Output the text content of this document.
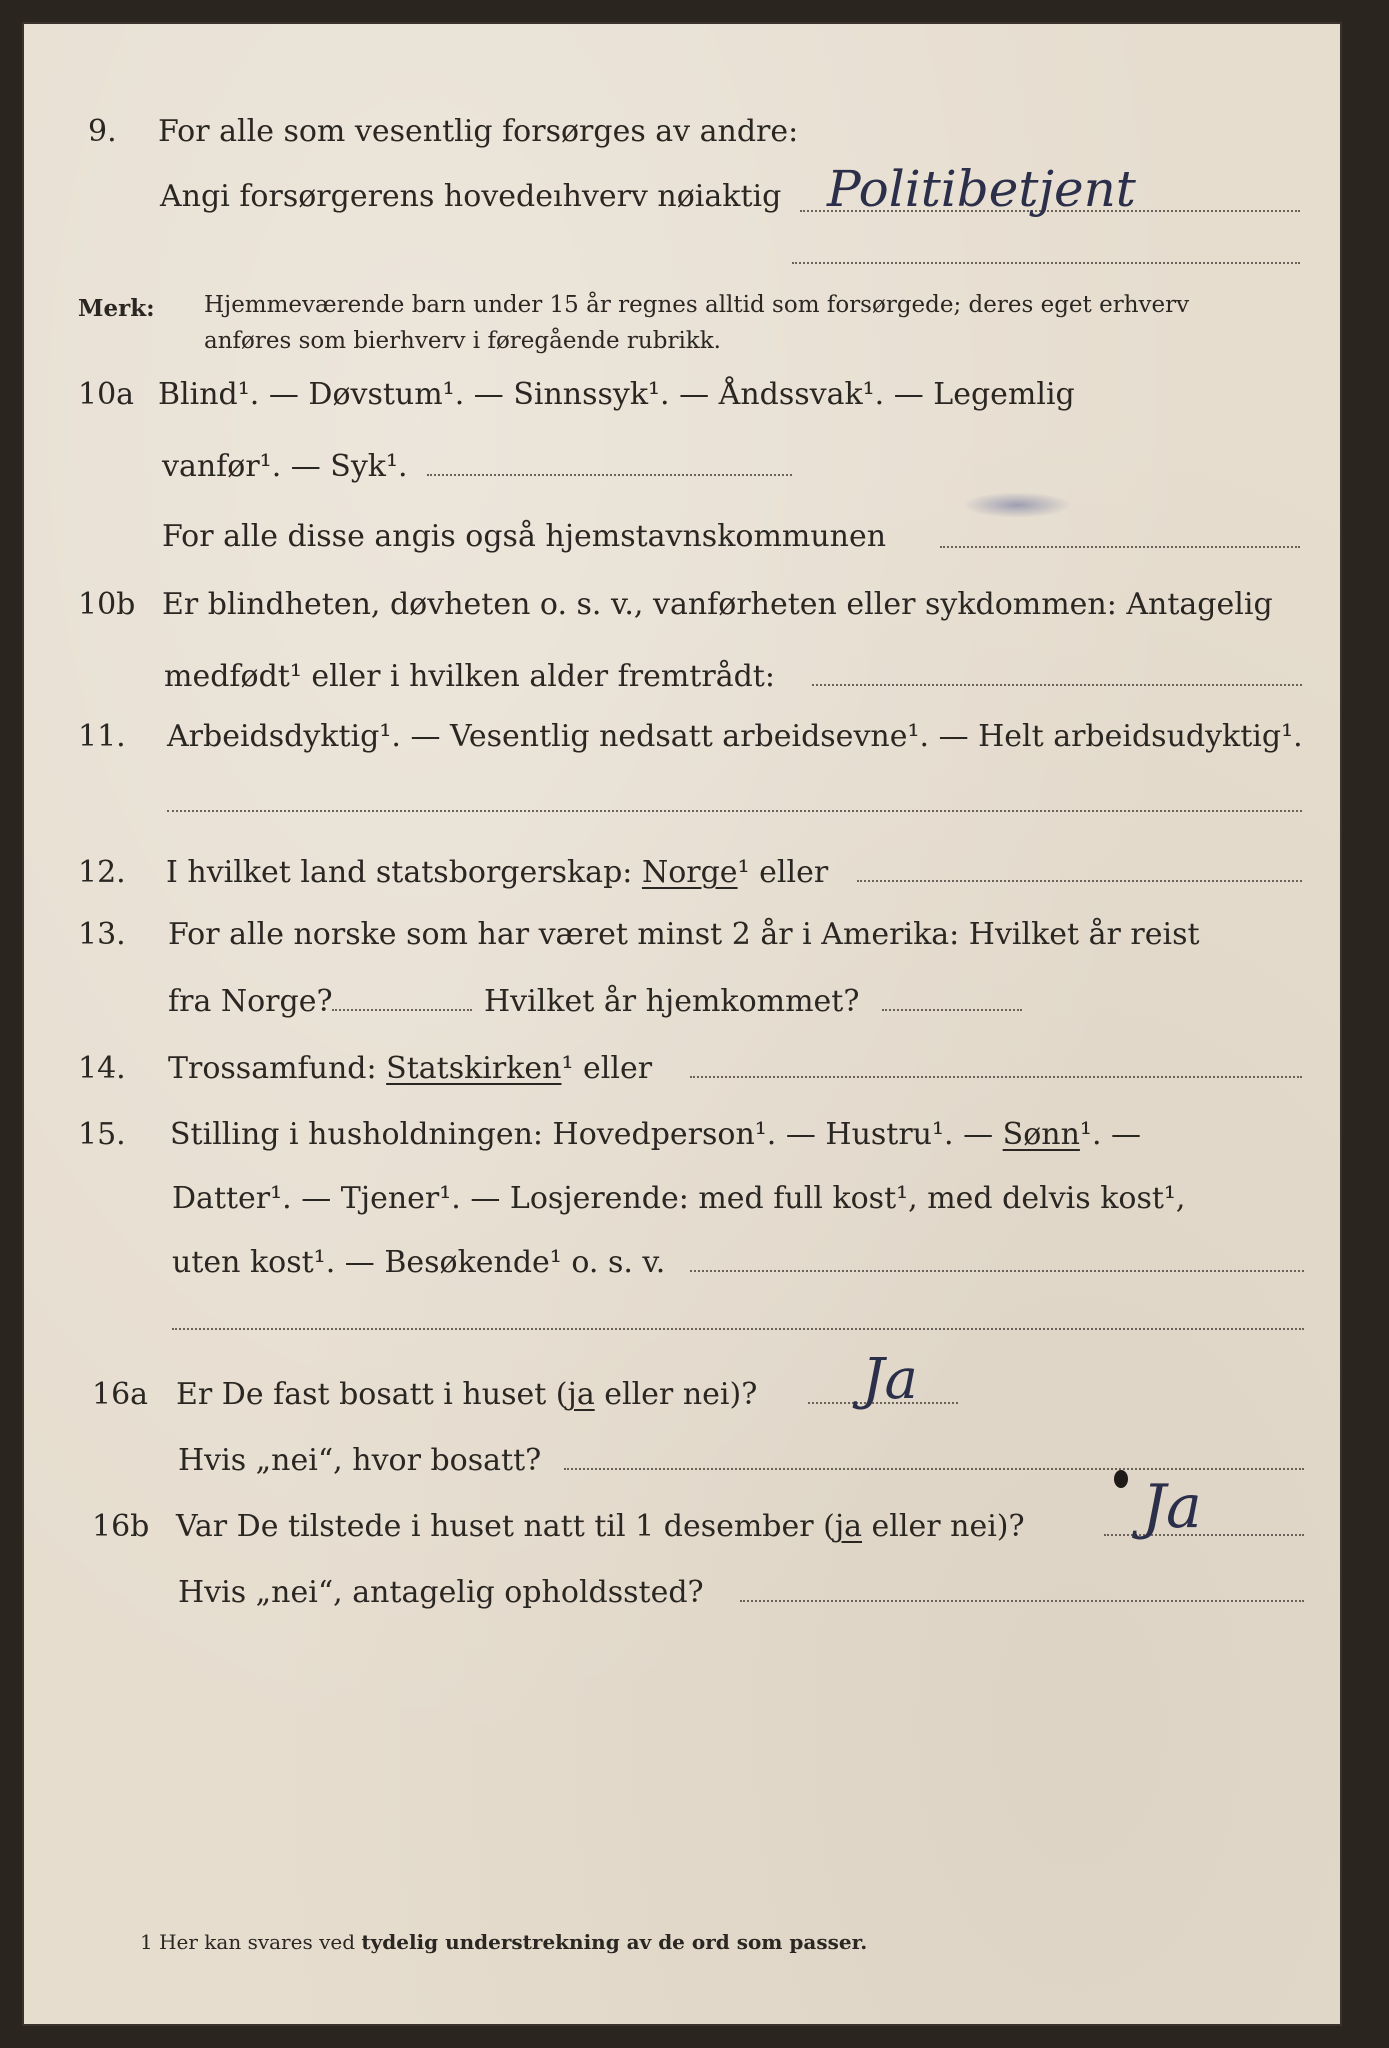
9. For alle som vesentlig forsørges av andre:
Angi forsørgerens hovedeıhverv nøiaktig Politibetjent
Merk: Hjemmeværende barn under 15 år regnes alltid som forsørgede; deres eget erhverv
anføres som bierhverv i føregående rubrikk.
10a Blind¹. — Døvstum¹. — Sinnssyk¹. — Åndssvak¹. — Legemlig
vanfør¹. — Syk¹.
For alle disse angis også hjemstavnskommunen
10b Er blindheten, døvheten o. s. v., vanførheten eller sykdommen: Antagelig
medfødt¹ eller i hvilken alder fremtrådt:
11. Arbeidsdyktig¹. — Vesentlig nedsatt arbeidsevne¹. — Helt arbeidsudyktig¹.
12. I hvilket land statsborgerskap: Norge¹ eller
13. For alle norske som har været minst 2 år i Amerika: Hvilket år reist
fra Norge?	Hvilket år hjemkommet?
14. Trossamfund: Statskirken¹ eller
15. Stilling i husholdningen: Hovedperson¹. — Hustru¹. — Sønn¹. —
Datter¹. — Tjener¹. — Losjerende: med full kost¹, med delvis kost¹,
uten kost¹. — Besøkende¹ o. s. v.
16a Er De fast bosatt i huset (ja eller nei)? Ja
Hvis „nei“, hvor bosatt?
16b Var De tilstede i huset natt til 1 desember (ja eller nei)? Ja
Hvis „nei“, antagelig opholdssted?
1 Her kan svares ved tydelig understrekning av de ord som passer.
